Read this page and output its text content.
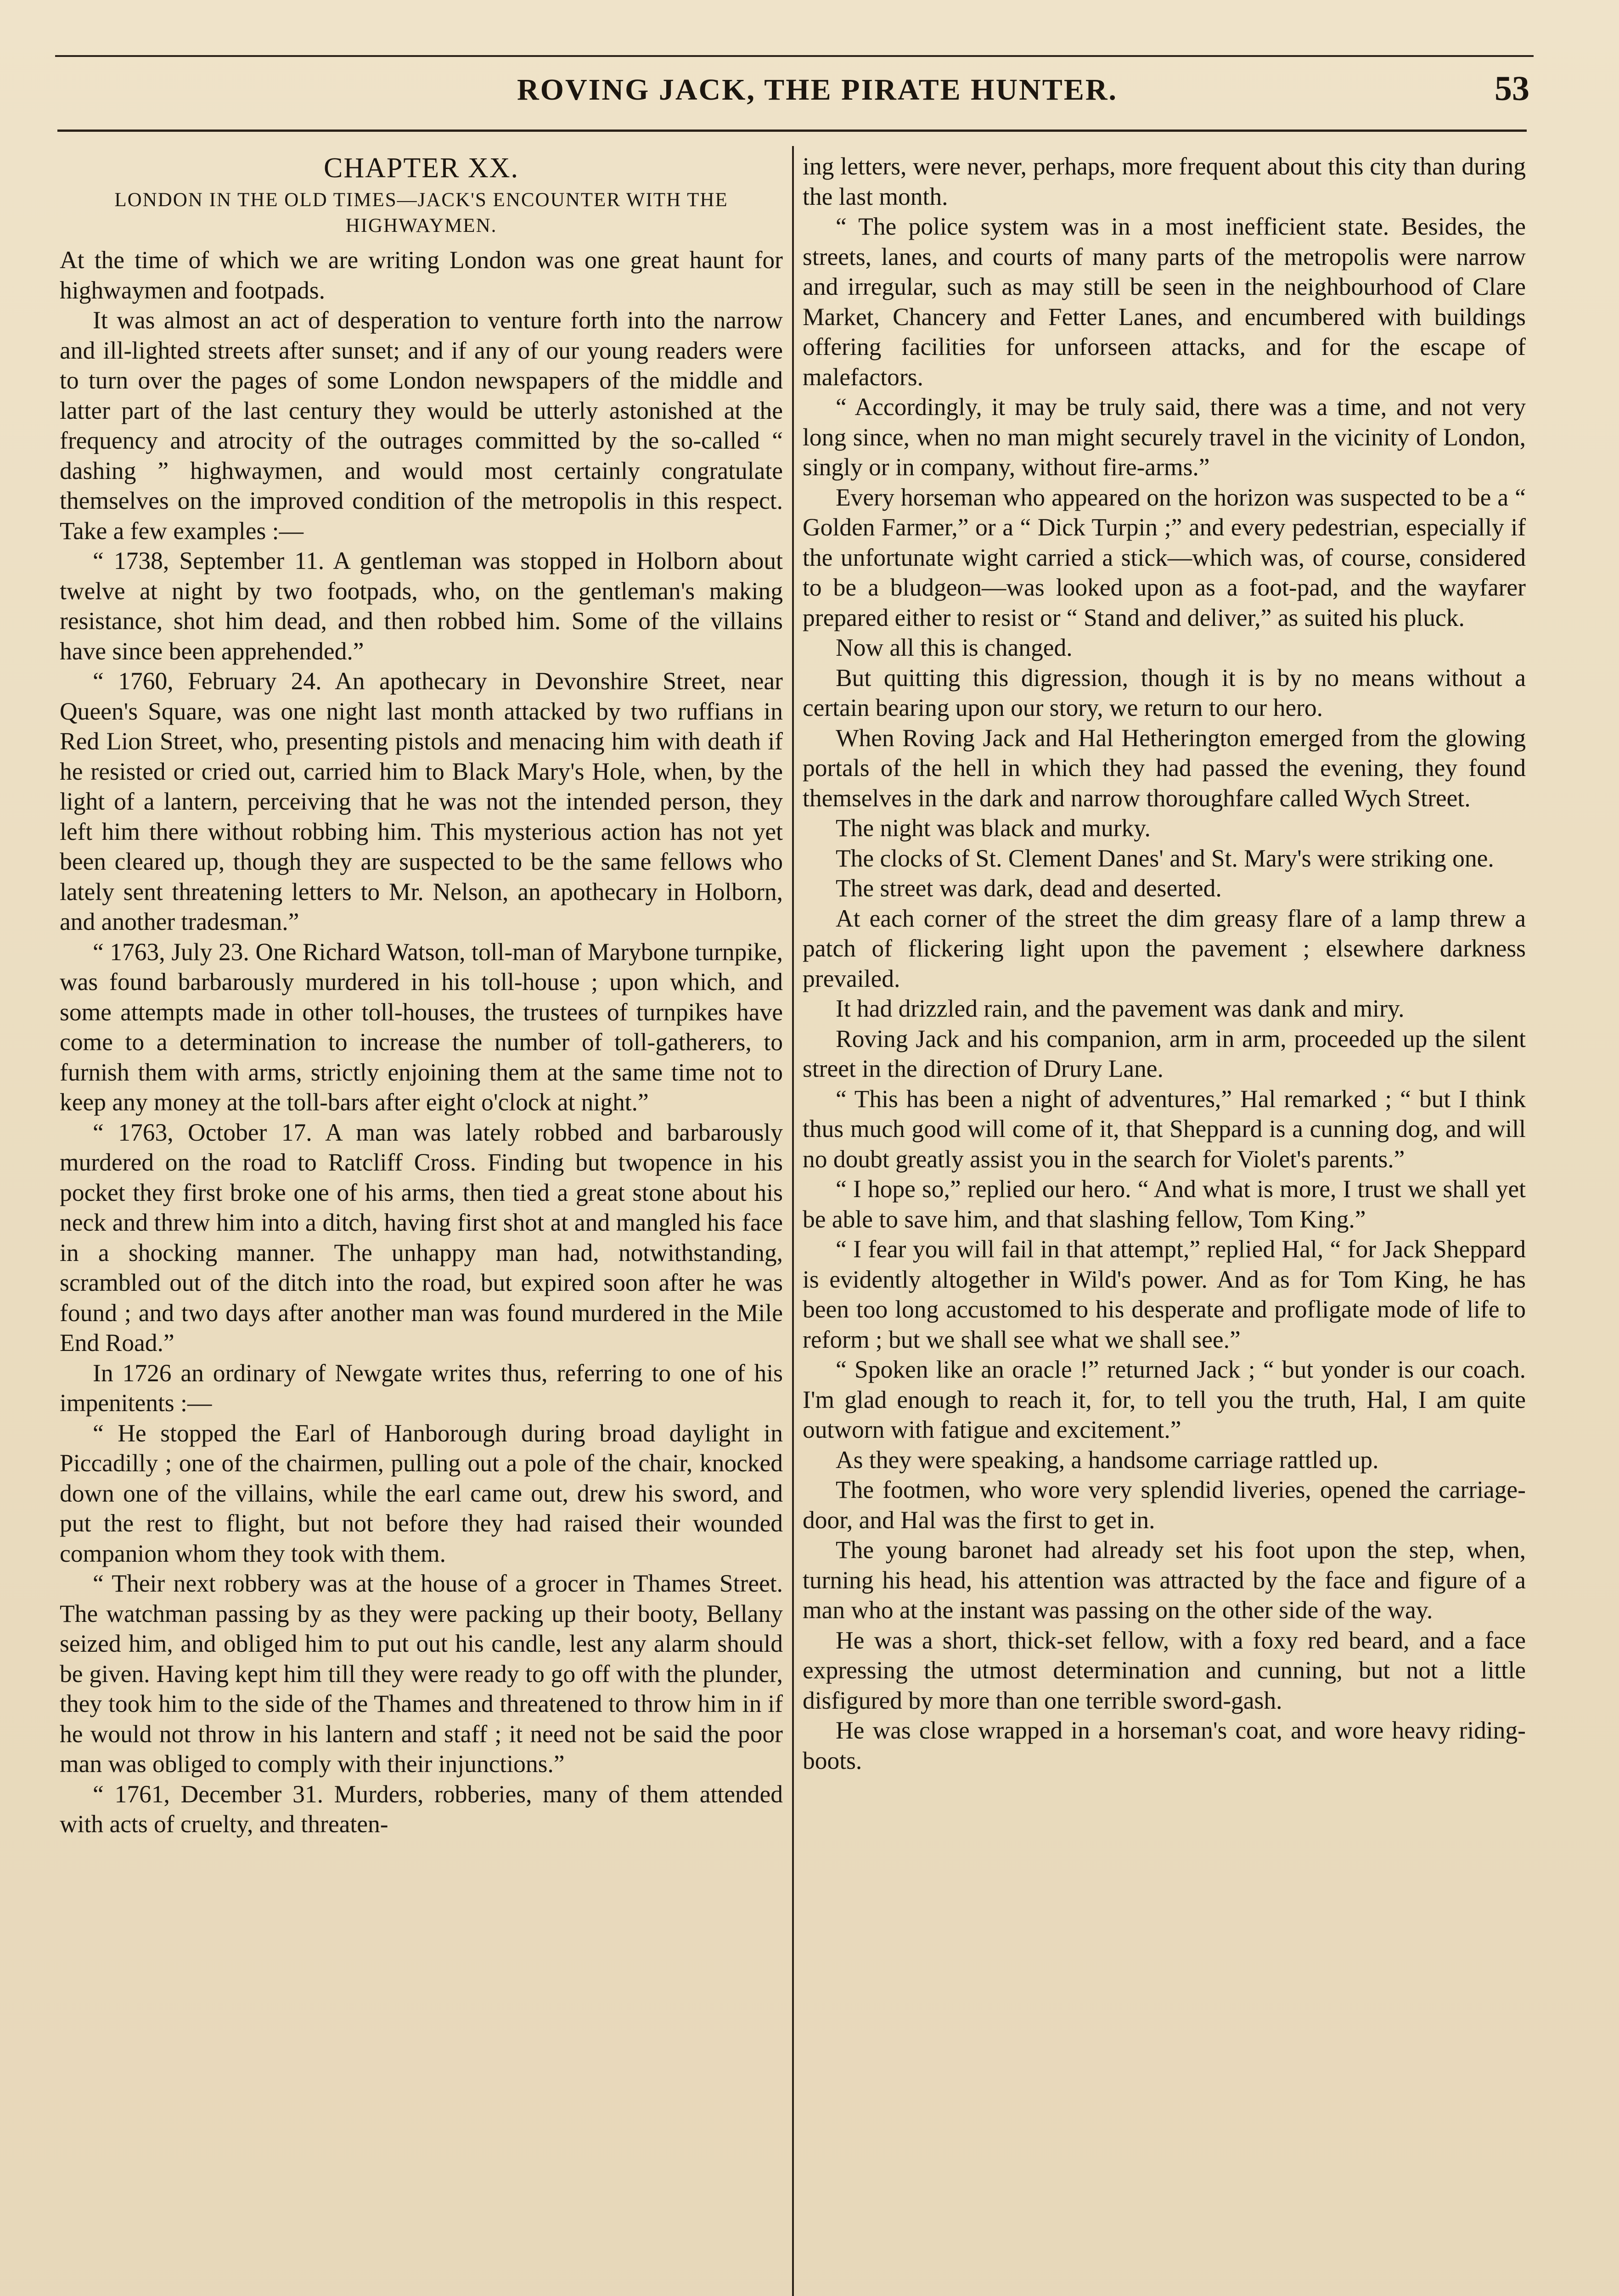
ROVING JACK, THE PIRATE HUNTER.	53
CHAPTER XX.
LONDON IN THE OLD TIMES—JACK'S ENCOUNTER WITH THE HIGHWAYMEN.

At the time of which we are writing London was one great haunt for highwaymen and footpads.

It was almost an act of desperation to venture forth into the narrow and ill-lighted streets after sunset; and if any of our young readers were to turn over the pages of some London newspapers of the middle and latter part of the last century they would be utterly astonished at the frequency and atrocity of the outrages committed by the so-called “ dashing ” highwaymen, and would most certainly congratulate themselves on the improved condition of the metropolis in this respect. Take a few examples :—

“ 1738, September 11. A gentleman was stopped in Holborn about twelve at night by two footpads, who, on the gentleman's making resistance, shot him dead, and then robbed him. Some of the villains have since been apprehended.”

“ 1760, February 24. An apothecary in Devonshire Street, near Queen's Square, was one night last month attacked by two ruffians in Red Lion Street, who, presenting pistols and menacing him with death if he resisted or cried out, carried him to Black Mary's Hole, when, by the light of a lantern, perceiving that he was not the intended person, they left him there without robbing him. This mysterious action has not yet been cleared up, though they are suspected to be the same fellows who lately sent threatening letters to Mr. Nelson, an apothecary in Holborn, and another tradesman.”

“ 1763, July 23. One Richard Watson, toll-man of Marybone turnpike, was found barbarously murdered in his toll-house ; upon which, and some attempts made in other toll-houses, the trustees of turnpikes have come to a determination to increase the number of toll-gatherers, to furnish them with arms, strictly enjoining them at the same time not to keep any money at the toll-bars after eight o'clock at night.”

“ 1763, October 17. A man was lately robbed and barbarously murdered on the road to Ratcliff Cross. Finding but twopence in his pocket they first broke one of his arms, then tied a great stone about his neck and threw him into a ditch, having first shot at and mangled his face in a shocking manner. The unhappy man had, notwithstanding, scrambled out of the ditch into the road, but expired soon after he was found ; and two days after another man was found murdered in the Mile End Road.”

In 1726 an ordinary of Newgate writes thus, referring to one of his impenitents :—

“ He stopped the Earl of Hanborough during broad daylight in Piccadilly ; one of the chairmen, pulling out a pole of the chair, knocked down one of the villains, while the earl came out, drew his sword, and put the rest to flight, but not before they had raised their wounded companion whom they took with them.

“ Their next robbery was at the house of a grocer in Thames Street. The watchman passing by as they were packing up their booty, Bellany seized him, and obliged him to put out his candle, lest any alarm should be given. Having kept him till they were ready to go off with the plunder, they took him to the side of the Thames and threatened to throw him in if he would not throw in his lantern and staff ; it need not be said the poor man was obliged to comply with their injunctions.”

“ 1761, December 31. Murders, robberies, many of them attended with acts of cruelty, and threaten-

ing letters, were never, perhaps, more frequent about this city than during the last month.

“ The police system was in a most inefficient state. Besides, the streets, lanes, and courts of many parts of the metropolis were narrow and irregular, such as may still be seen in the neighbourhood of Clare Market, Chancery and Fetter Lanes, and encumbered with buildings offering facilities for unforseen attacks, and for the escape of malefactors.

“ Accordingly, it may be truly said, there was a time, and not very long since, when no man might securely travel in the vicinity of London, singly or in company, without fire-arms.”

Every horseman who appeared on the horizon was suspected to be a “ Golden Farmer,” or a “ Dick Turpin ;” and every pedestrian, especially if the unfortunate wight carried a stick—which was, of course, considered to be a bludgeon—was looked upon as a foot-pad, and the wayfarer prepared either to resist or “ Stand and deliver,” as suited his pluck.

Now all this is changed.

But quitting this digression, though it is by no means without a certain bearing upon our story, we return to our hero.

When Roving Jack and Hal Hetherington emerged from the glowing portals of the hell in which they had passed the evening, they found themselves in the dark and narrow thoroughfare called Wych Street.

The night was black and murky.

The clocks of St. Clement Danes' and St. Mary's were striking one.

The street was dark, dead and deserted.

At each corner of the street the dim greasy flare of a lamp threw a patch of flickering light upon the pavement ; elsewhere darkness prevailed.

It had drizzled rain, and the pavement was dank and miry.

Roving Jack and his companion, arm in arm, proceeded up the silent street in the direction of Drury Lane.

“ This has been a night of adventures,” Hal remarked ; “ but I think thus much good will come of it, that Sheppard is a cunning dog, and will no doubt greatly assist you in the search for Violet's parents.”

“ I hope so,” replied our hero. “ And what is more, I trust we shall yet be able to save him, and that slashing fellow, Tom King.”

“ I fear you will fail in that attempt,” replied Hal, “ for Jack Sheppard is evidently altogether in Wild's power. And as for Tom King, he has been too long accustomed to his desperate and profligate mode of life to reform ; but we shall see what we shall see.”

“ Spoken like an oracle !” returned Jack ; “ but yonder is our coach. I'm glad enough to reach it, for, to tell you the truth, Hal, I am quite outworn with fatigue and excitement.”

As they were speaking, a handsome carriage rattled up.

The footmen, who wore very splendid liveries, opened the carriage-door, and Hal was the first to get in.

The young baronet had already set his foot upon the step, when, turning his head, his attention was attracted by the face and figure of a man who at the instant was passing on the other side of the way.

He was a short, thick-set fellow, with a foxy red beard, and a face expressing the utmost determination and cunning, but not a little disfigured by more than one terrible sword-gash.

He was close wrapped in a horseman's coat, and wore heavy riding-boots.
